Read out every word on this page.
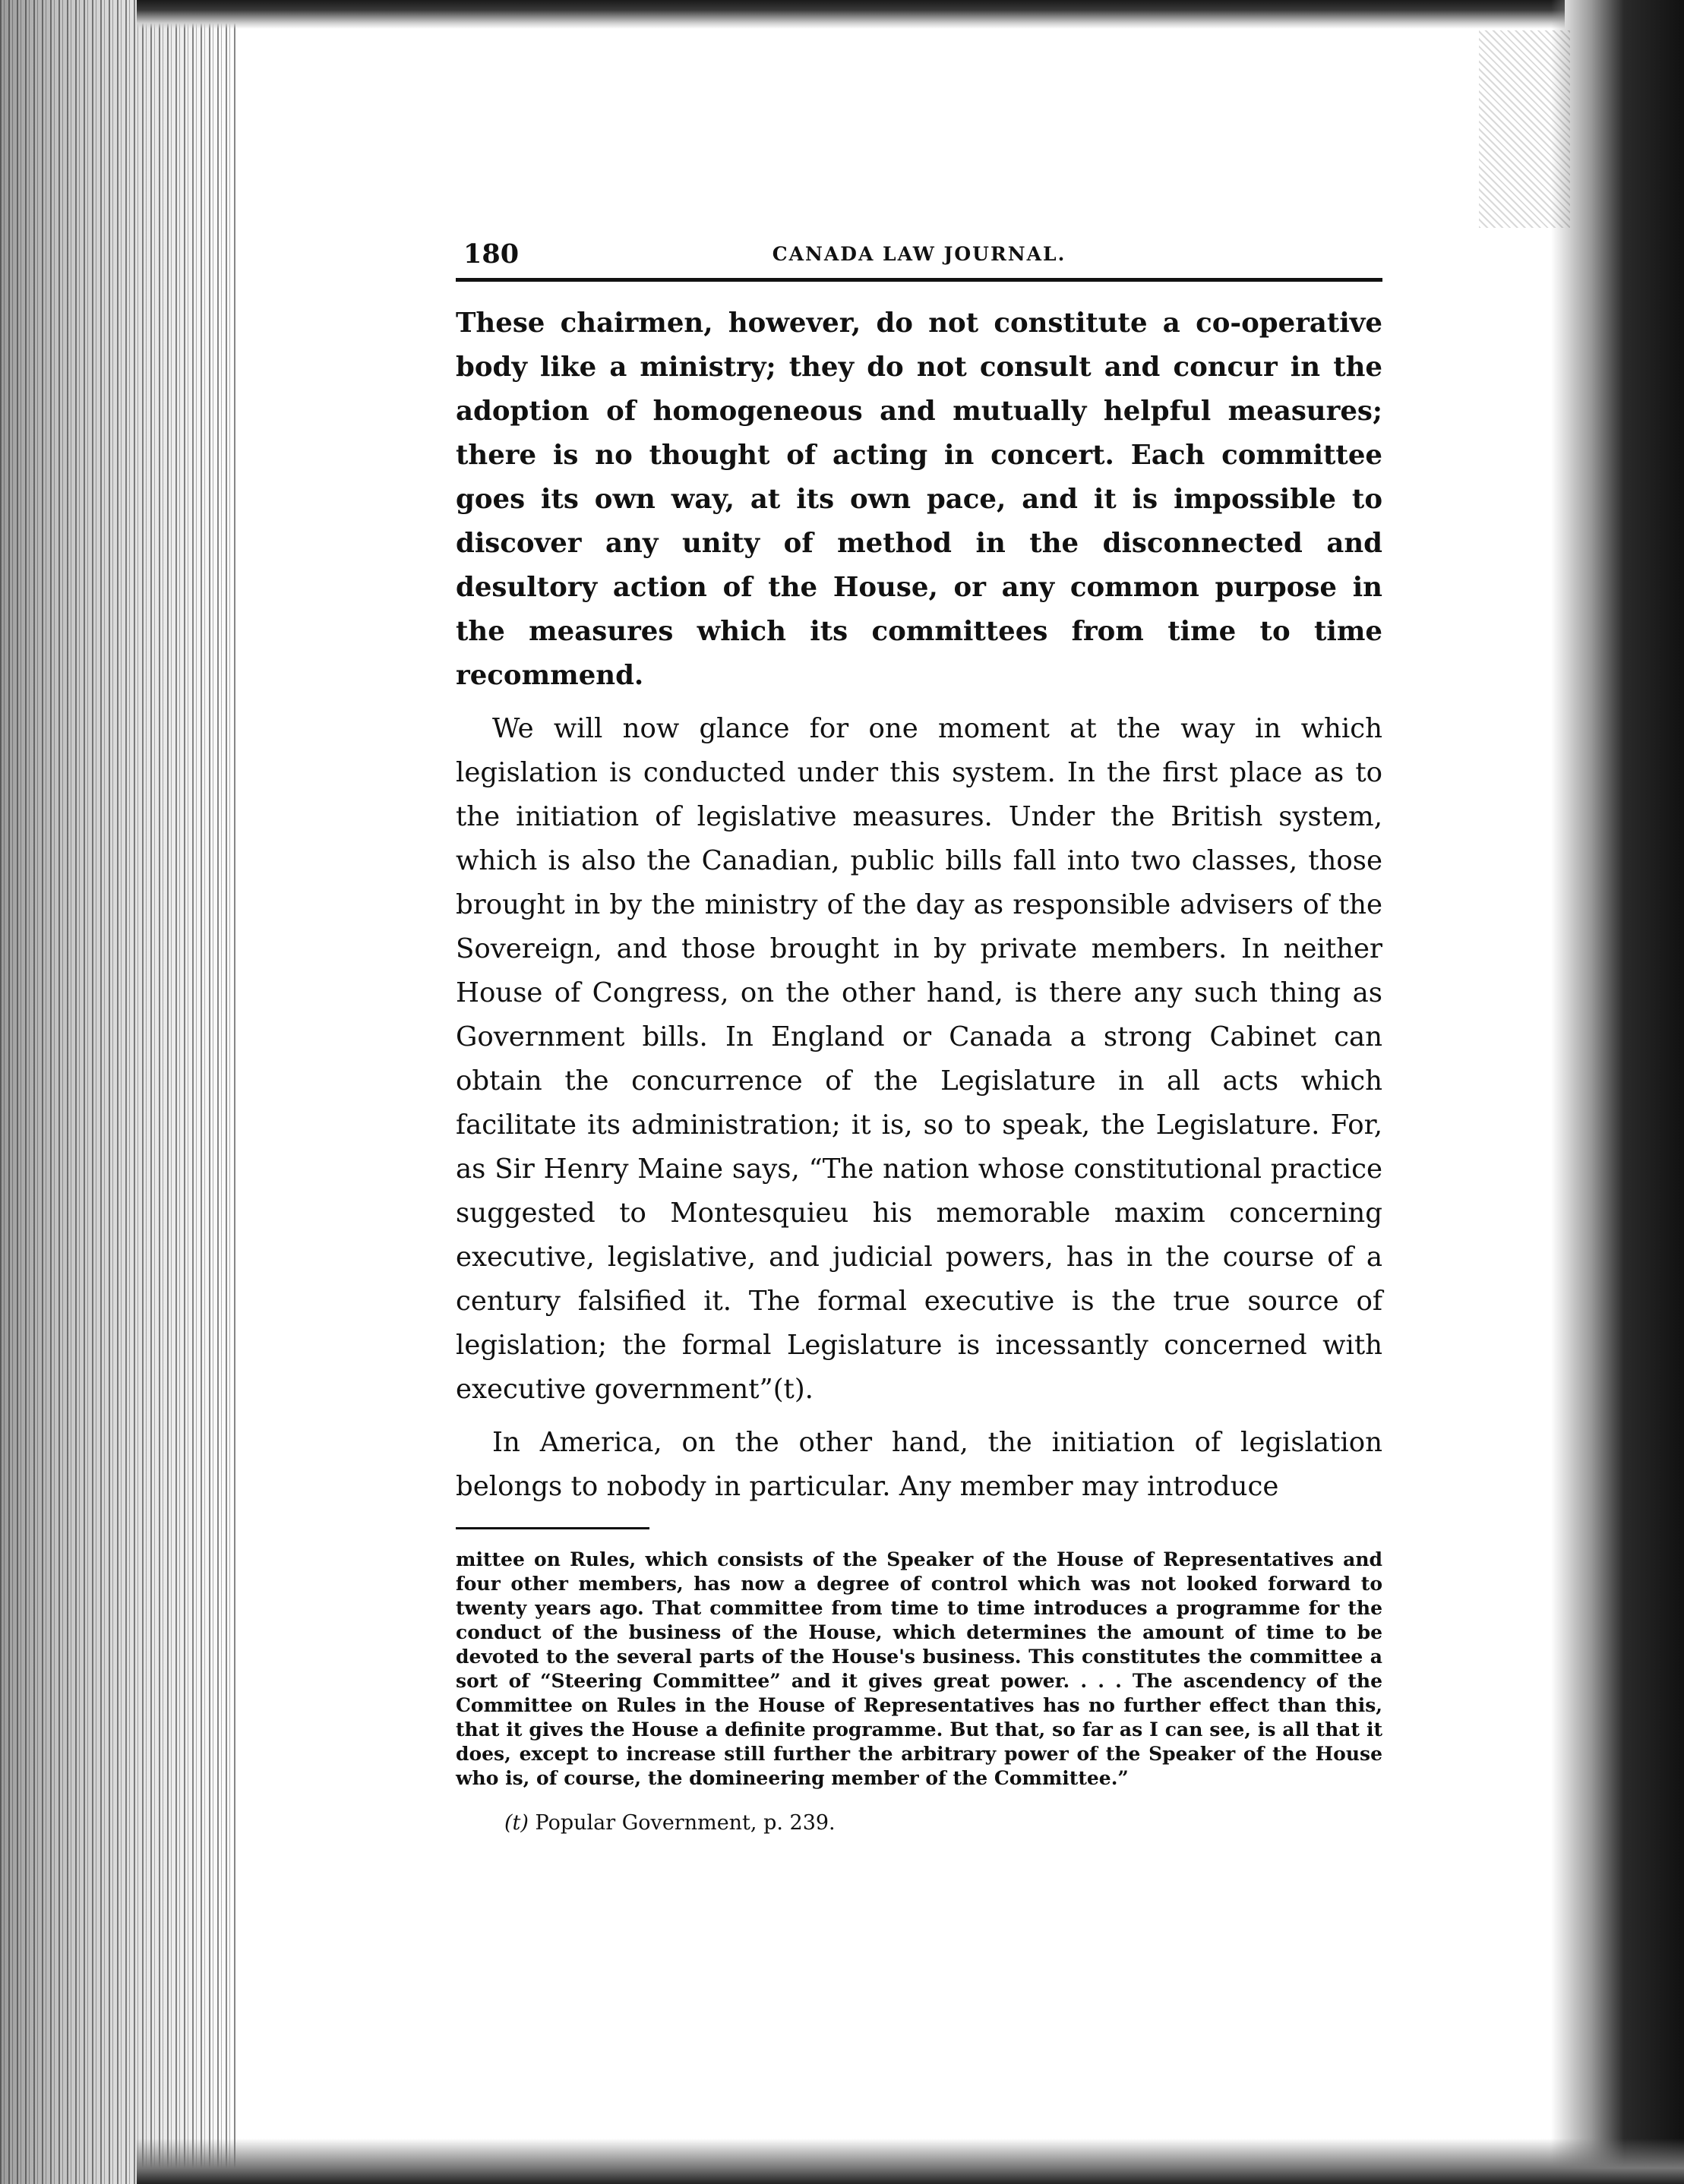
180	CANADA LAW JOURNAL.

These chairmen, however, do not constitute a co-operative body like a ministry; they do not consult and concur in the adoption of homogeneous and mutually helpful measures; there is no thought of acting in concert. Each committee goes its own way, at its own pace, and it is impossible to discover any unity of method in the disconnected and desultory action of the House, or any common purpose in the measures which its committees from time to time recommend.

We will now glance for one moment at the way in which legislation is conducted under this system. In the first place as to the initiation of legislative measures. Under the British system, which is also the Canadian, public bills fall into two classes, those brought in by the ministry of the day as responsible advisers of the Sovereign, and those brought in by private members. In neither House of Congress, on the other hand, is there any such thing as Government bills. In England or Canada a strong Cabinet can obtain the concurrence of the Legislature in all acts which facilitate its administration; it is, so to speak, the Legislature. For, as Sir Henry Maine says, “The nation whose constitutional practice suggested to Montesquieu his memorable maxim concerning executive, legislative, and judicial powers, has in the course of a century falsified it. The formal executive is the true source of legislation; the formal Legislature is incessantly concerned with executive government”(t).

In America, on the other hand, the initiation of legislation belongs to nobody in particular. Any member may introduce

mittee on Rules, which consists of the Speaker of the House of Representatives and four other members, has now a degree of control which was not looked forward to twenty years ago. That committee from time to time introduces a programme for the conduct of the business of the House, which determines the amount of time to be devoted to the several parts of the House's business. This constitutes the committee a sort of “Steering Committee” and it gives great power. . . . The ascendency of the Committee on Rules in the House of Representatives has no further effect than this, that it gives the House a definite programme. But that, so far as I can see, is all that it does, except to increase still further the arbitrary power of the Speaker of the House who is, of course, the domineering member of the Committee.”

(t) Popular Government, p. 239.
